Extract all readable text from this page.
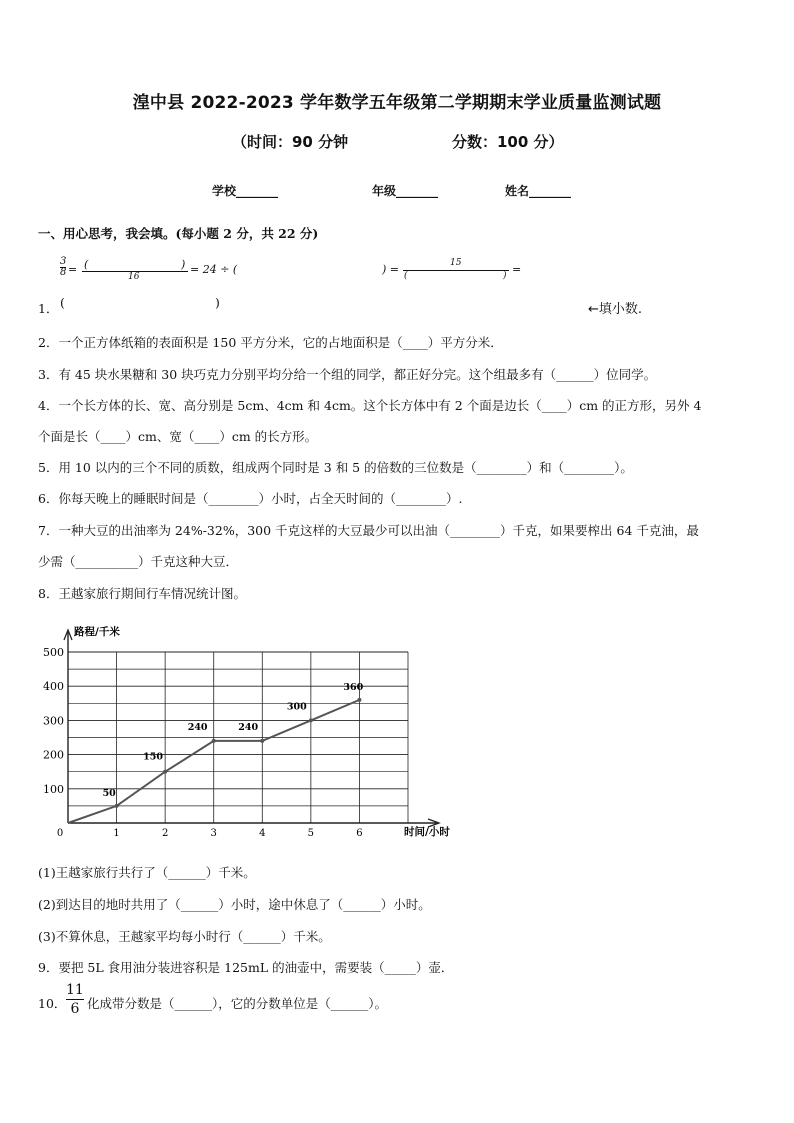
湟中县 2022-2023 学年数学五年级第二学期期末学业质量监测试题
（时间：90 分钟	分数：100 分）
学校_______	年级_______	姓名_______
一、用心思考，我会填。(每小题 2 分，共 22 分)
$\frac{3}{8}$ = (	)
16
= 24 ÷ (	) =	15
(	) =
1． (	)	←填小数.
2．一个正方体纸箱的表面积是 150 平方分米，它的占地面积是（____）平方分米．
3．有 45 块水果糖和 30 块巧克力分别平均分给一个组的同学，都正好分完。这个组最多有（______）位同学。
4．一个长方体的长、宽、高分别是 5cm、4cm 和 4cm。这个长方体中有 2 个面是边长（____）cm 的正方形，另外 4
个面是长（____）cm、宽（____）cm 的长方形。
5．用 10 以内的三个不同的质数，组成两个同时是 3 和 5 的倍数的三位数是（________）和（________）。
6．你每天晚上的睡眠时间是（________）小时，占全天时间的（________）.
7．一种大豆的出油率为 24%-32%，300 千克这样的大豆最少可以出油（________）千克，如果要榨出 64 千克油，最
少需（__________）千克这种大豆．
8．王越家旅行期间行车情况统计图。
100
200
300
400
500
0	1	2	3	4	5	6
50
150
240	240
300
360
路程/千米
时间/小时
(1)王越家旅行共行了（______）千米。
(2)到达目的地时共用了（______）小时，途中休息了（______）小时。
(3)不算休息，王越家平均每小时行（______）千米。
9．要把 5L 食用油分装进容积是 125mL 的油壶中，需要装（_____）壶．
10．
11
6 化成带分数是（______），它的分数单位是（______）。
